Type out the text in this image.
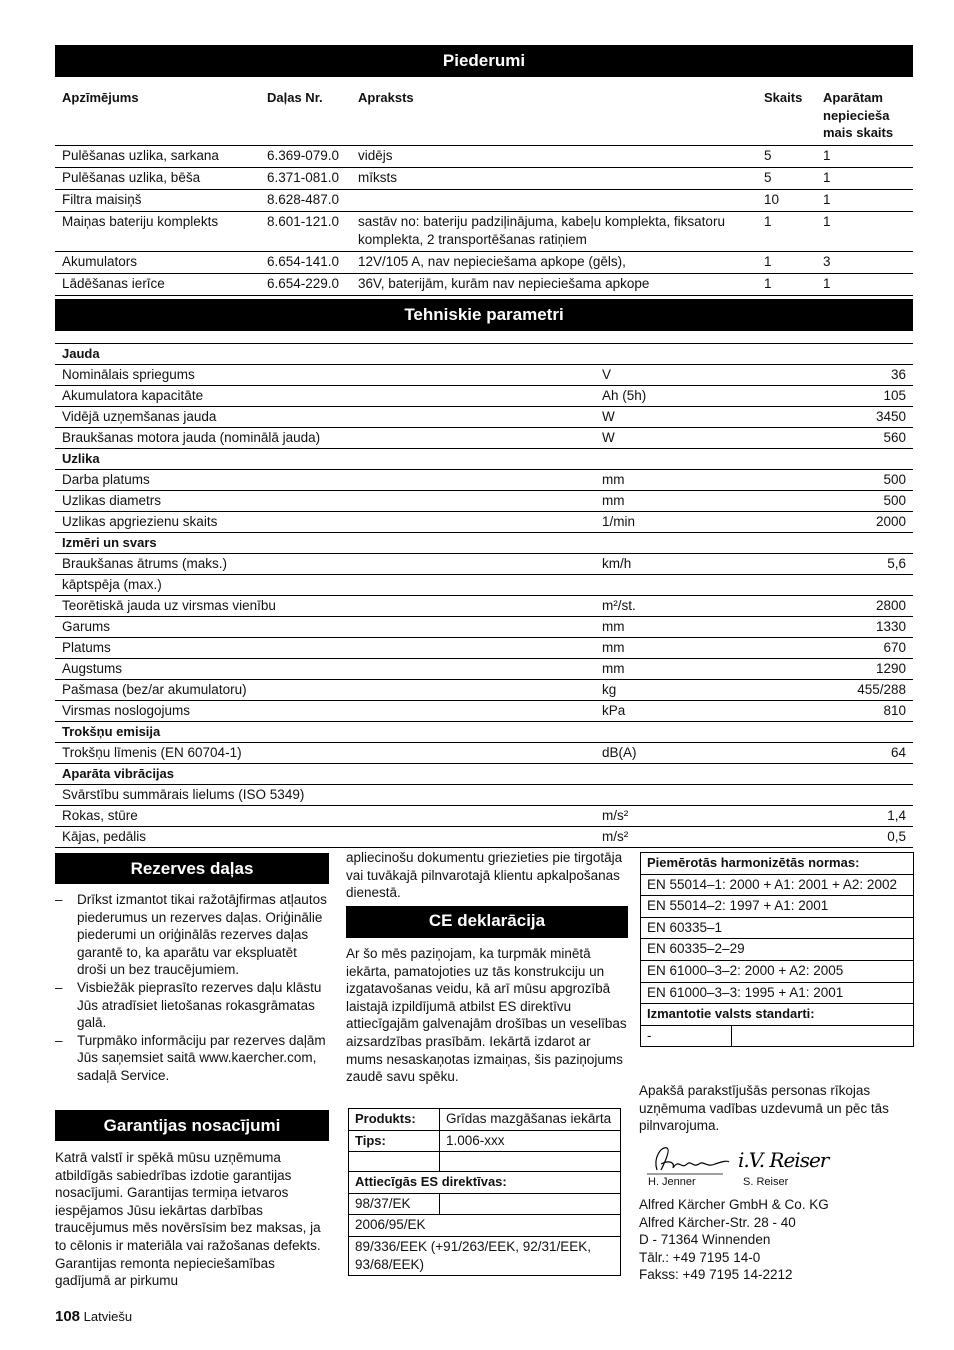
Piederumi
Apzīmējums	Daļas Nr.	Apraksts	Skaits	Aparātam nepiecieša mais skaits
Pulēšanas uzlika, sarkana	6.369-079.0	vidējs	5	1
Pulēšanas uzlika, bēša	6.371-081.0	mīksts	5	1
Filtra maisiņš	8.628-487.0		10	1
Maiņas bateriju komplekts	8.601-121.0	sastāv no: bateriju padziļinājuma, kabeļu komplekta, fiksatoru komplekta, 2 transportēšanas ratiņiem	1	1
Akumulators	6.654-141.0	12V/105 A, nav nepieciešama apkope (gēls),	1	3
Lādēšanas ierīce	6.654-229.0	36V, baterijām, kurām nav nepieciešama apkope	1	1
Tehniskie parametri
Jauda		
Nominālais spriegums	V	36
Akumulatora kapacitāte	Ah (5h)	105
Vidējā uzņemšanas jauda	W	3450
Braukšanas motora jauda (nominālā jauda)	W	560
Uzlika		
Darba platums	mm	500
Uzlikas diametrs	mm	500
Uzlikas apgriezienu skaits	1/min	2000
Izmēri un svars		
Braukšanas ātrums (maks.)	km/h	5,6
kāptspēja (max.)		
Teorētiskā jauda uz virsmas vienību	m²/st.	2800
Garums	mm	1330
Platums	mm	670
Augstums	mm	1290
Pašmasa (bez/ar akumulatoru)	kg	455/288
Virsmas noslogojums	kPa	810
Trokšņu emisija		
Trokšņu līmenis (EN 60704-1)	dB(A)	64
Aparāta vibrācijas		
Svārstību summārais lielums (ISO 5349)		
Rokas, stūre	m/s²	1,4
Kājas, pedālis	m/s²	0,5
Rezerves daļas
– Drīkst izmantot tikai ražotājfirmas atļautos piederumus un rezerves daļas. Oriģinālie piederumi un oriģinālās rezerves daļas garantē to, ka aparātu var ekspluatēt droši un bez traucējumiem.
– Visbiežāk pieprasīto rezerves daļu klāstu Jūs atradīsiet lietošanas rokasgrāmatas galā.
– Turpmāko informāciju par rezerves daļām Jūs saņemsiet saitā www.kaercher.com, sadaļā Service.
Garantijas nosacījumi

Katrā valstī ir spēkā mūsu uzņēmuma atbildīgās sabiedrības izdotie garantijas nosacījumi. Garantijas termiņa ietvaros iespējamos Jūsu iekārtas darbības traucējumus mēs novērsīsim bez maksas, ja to cēlonis ir materiāla vai ražošanas defekts. Garantijas remonta nepieciešamības gadījumā ar pirkumu

apliecinošu dokumentu griezieties pie tirgotāja vai tuvākajā pilnvarotajā klientu apkalpošanas dienestā.

CE deklarācija

Ar šo mēs paziņojam, ka turpmāk minētā iekārta, pamatojoties uz tās konstrukciju un izgatavošanas veidu, kā arī mūsu apgrozībā laistajā izpildījumā atbilst ES direktīvu attiecīgajām galvenajām drošības un veselības aizsardzības prasībām. Iekārtā izdarot ar mums nesaskaņotas izmaiņas, šis paziņojums zaudē savu spēku.

Produkts:	Grīdas mazgāšanas iekārta
Tips:	1.006-xxx

Attiecīgās ES direktīvas:	
98/37/EK	
2006/95/EK	
89/336/EEK (+91/263/EEK, 92/31/EEK, 93/68/EEK)	
Piemērotās harmonizētās normas:
EN 55014–1: 2000 + A1: 2001 + A2: 2002
EN 55014–2: 1997 + A1: 2001
EN 60335–1
EN 60335–2–29
EN 61000–3–2: 2000 + A2: 2005
EN 61000–3–3: 1995 + A1: 2001
Izmantotie valsts standarti:
-	

Apakšā parakstījušās personas rīkojas uzņēmuma vadības uzdevumā un pēc tās pilnvarojuma.

H. Jenner
i.V. Reiser
S. Reiser

Alfred Kärcher GmbH & Co. KG

Alfred Kärcher-Str. 28 - 40

D - 71364 Winnenden

Tālr.: +49 7195 14-0

Fakss: +49 7195 14-2212

108 Latviešu
